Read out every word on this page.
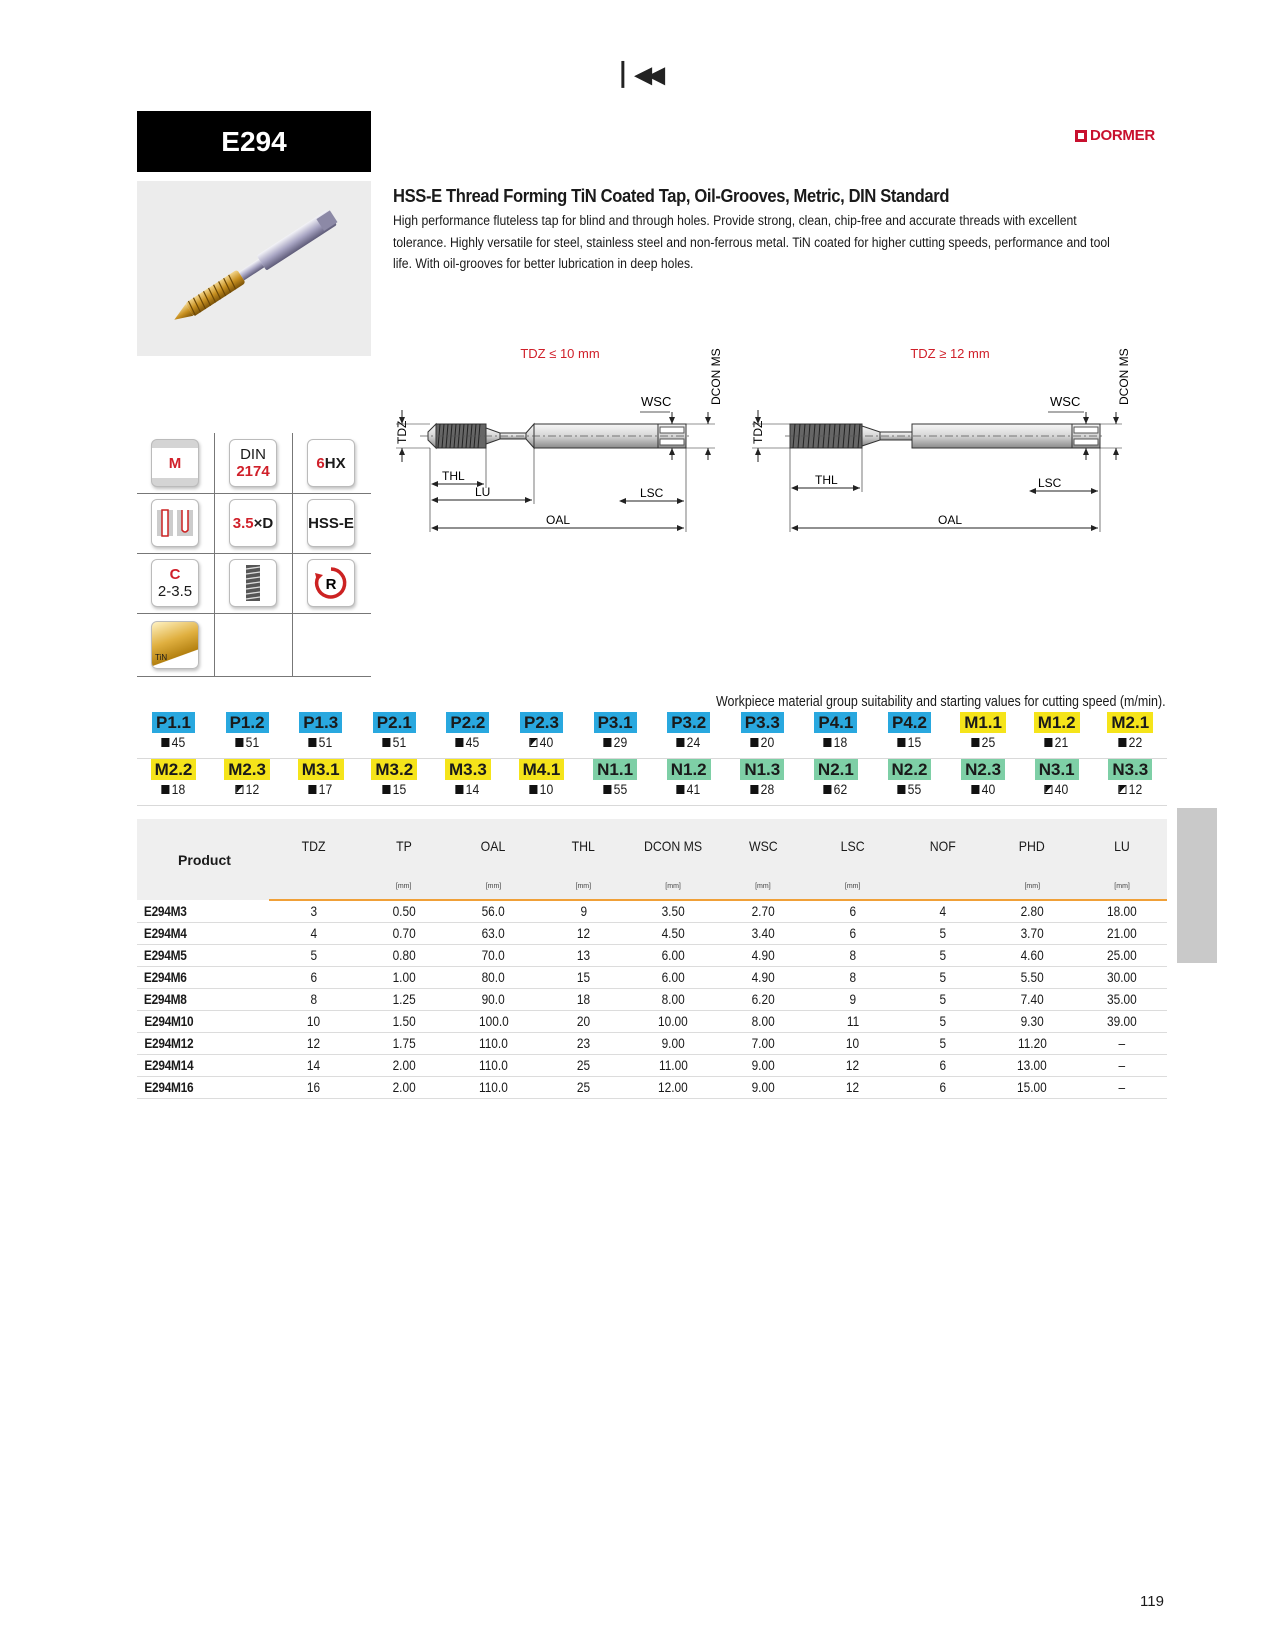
▏◀◀
E294	DORMER
HSS-E Thread Forming TiN Coated Tap, Oil-Grooves, Metric, DIN Standard
High performance fluteless tap for blind and through holes. Provide strong, clean, chip-free and accurate threads with excellent tolerance. Highly versatile for steel, stainless steel and non-ferrous metal. TiN coated for higher cutting speeds, performance and tool life. With oil-grooves for better lubrication in deep holes.
TDZ ≤ 10 mm	DCON MS
WSC
TDZ
THL
LU	LSC
OAL
TDZ ≥ 12 mm	DCON MS
WSC
TDZ
THL	LSC
OAL
M	DIN
2174	6HX
3.5×D HSS-E
C
2-3.5	R
TiN
Workpiece material group suitability and starting values for cutting speed (m/min).
P1.1
45
P1.2
51
P1.3
51
P2.1
51
P2.2
45
P2.3
40
P3.1
29
P3.2
24
P3.3
20
P4.1
18
P4.2
15
M1.1
25
M1.2
21
M2.1
22
M2.2
18
M2.3
12
M3.1
17
M3.2
15
M3.3
14
M4.1
10
N1.1
55
N1.2
41
N1.3
28
N2.1
62
N2.2
55
N2.3
40
N3.1
40
N3.3
12
Product	TDZ	TP	OAL	THL	DCON MS	WSC	LSC	NOF	PHD	LU
		[mm]	[mm]	[mm]	[mm]	[mm]	[mm]		[mm]	[mm]
E294M3	3	0.50	56.0	9	3.50	2.70	6	4	2.80	18.00
E294M4	4	0.70	63.0	12	4.50	3.40	6	5	3.70	21.00
E294M5	5	0.80	70.0	13	6.00	4.90	8	5	4.60	25.00
E294M6	6	1.00	80.0	15	6.00	4.90	8	5	5.50	30.00
E294M8	8	1.25	90.0	18	8.00	6.20	9	5	7.40	35.00
E294M10	10	1.50	100.0	20	10.00	8.00	11	5	9.30	39.00
E294M12	12	1.75	110.0	23	9.00	7.00	10	5	11.20	–
E294M14	14	2.00	110.0	25	11.00	9.00	12	6	13.00	–
E294M16	16	2.00	110.0	25	12.00	9.00	12	6	15.00	–
119
